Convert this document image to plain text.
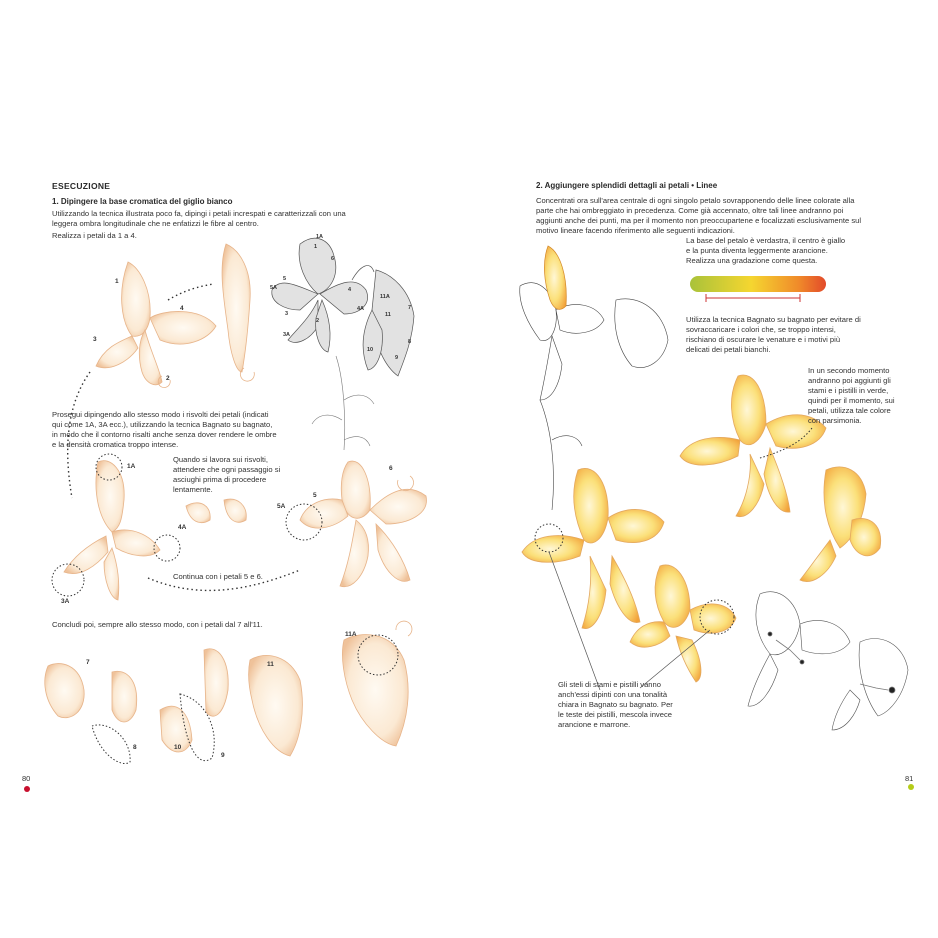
ESECUZIONE
1. Dipingere la base cromatica del giglio bianco
Utilizzando la tecnica illustrata poco fa, dipingi i petali increspati e caratterizzali con una leggera ombra longitudinale che ne enfatizzi le fibre al centro.
Realizza i petali da 1 a 4.
Prosegui dipingendo allo stesso modo i risvolti dei petali (indicati qui come 1A, 3A ecc.), utilizzando la tecnica Bagnato su bagnato, in modo che il contorno risalti anche senza dover rendere le ombre e la densità cromatica troppo intense.
Quando si lavora sui risvolti, attendere che ogni passaggio si asciughi prima di procedere lentamente.
Continua con i petali 5 e 6.
Concludi poi, sempre allo stesso modo, con i petali dal 7 all'11.
1
4
3
2
1A
4A
3A
5A
5
6
7
8	10
9
11
11A
1A
1
6
5
5A	4
3
3A
2
11A
4A	7
11
10
8
9
80
2. Aggiungere splendidi dettagli ai petali • Linee
Concentrati ora sull'area centrale di ogni singolo petalo sovrapponendo delle linee colorate alla parte che hai ombreggiato in precedenza. Come già accennato, oltre tali linee andranno poi aggiunti anche dei punti, ma per il momento non preoccupartene e focalizzati esclusivamente sul motivo lineare facendo riferimento alle seguenti indicazioni.
La base del petalo è verdastra, il centro è giallo e la punta diventa leggermente arancione. Realizza una gradazione come questa.
Utilizza la tecnica Bagnato su bagnato per evitare di sovraccaricare i colori che, se troppo intensi, rischiano di oscurare le venature e i motivi più delicati dei petali bianchi.
In un secondo momento andranno poi aggiunti gli stami e i pistilli in verde, quindi per il momento, sui petali, utilizza tale colore con parsimonia.
Gli steli di stami e pistilli vanno anch'essi dipinti con una tonalità chiara in Bagnato su bagnato. Per le teste dei pistilli, mescola invece arancione e marrone.
81
